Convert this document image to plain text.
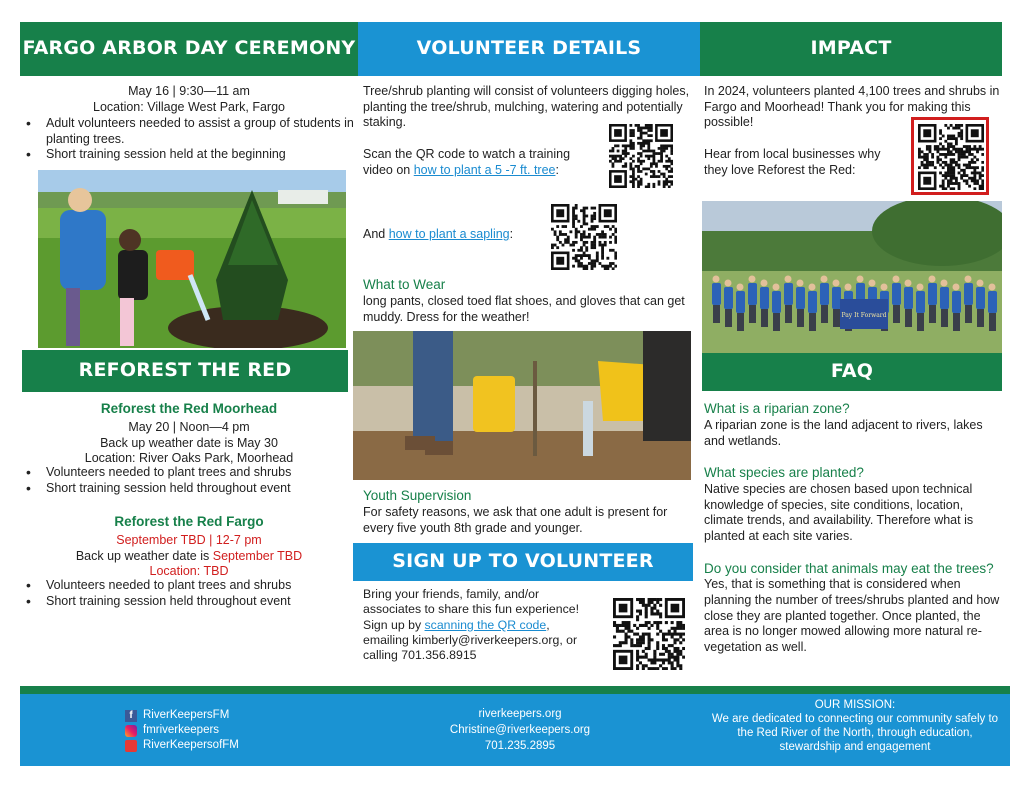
FARGO ARBOR DAY CEREMONY
May 16 | 9:30—11 am
Location: Village West Park, Fargo
• Adult volunteers needed to assist a group of students in planting trees.
• Short training session held at the beginning
REFOREST THE RED
Reforest the Red Moorhead
May 20 | Noon—4 pm
Back up weather date is May 30
Location: River Oaks Park, Moorhead
• Volunteers needed to plant trees and shrubs
• Short training session held throughout event
Reforest the Red Fargo
September TBD | 12-7 pm
Back up weather date is September TBD
Location: TBD
• Volunteers needed to plant trees and shrubs
• Short training session held throughout event
VOLUNTEER DETAILS
Tree/shrub planting will consist of volunteers digging holes, planting the tree/shrub, mulching, watering and potentially staking.
Scan the QR code to watch a training video on how to plant a 5 -7 ft. tree:
And how to plant a sapling:
What to Wear
long pants, closed toed flat shoes, and gloves that can get muddy. Dress for the weather!
Youth Supervision
For safety reasons, we ask that one adult is present for every five youth 8th grade and younger.
SIGN UP TO VOLUNTEER
Bring your friends, family, and/or
associates to share this fun experience!
Sign up by scanning the QR code,
emailing kimberly@riverkeepers.org, or
calling 701.356.8915
IMPACT
In 2024, volunteers planted 4,100 trees and shrubs in Fargo and Moorhead! Thank you for making this possible!
Hear from local businesses why they love Reforest the Red:
Pay It Forward
FAQ
What is a riparian zone?
A riparian zone is the land adjacent to rivers, lakes and wetlands.
What species are planted?
Native species are chosen based upon technical knowledge of species, site conditions, location, climate trends, and availability. Therefore what is planted at each site varies.
Do you consider that animals may eat the trees?
Yes, that is something that is considered when planning the number of trees/shrubs planted and how close they are planted together. Once planted, the area is no longer mowed allowing more natural re-vegetation as well.
f RiverKeepersFM
fmriverkeepers
RiverKeepersofFM
riverkeepers.org
Christine@riverkeepers.org
701.235.2895
OUR MISSION:
We are dedicated to connecting our community safely to the Red River of the North, through education, stewardship and engagement
